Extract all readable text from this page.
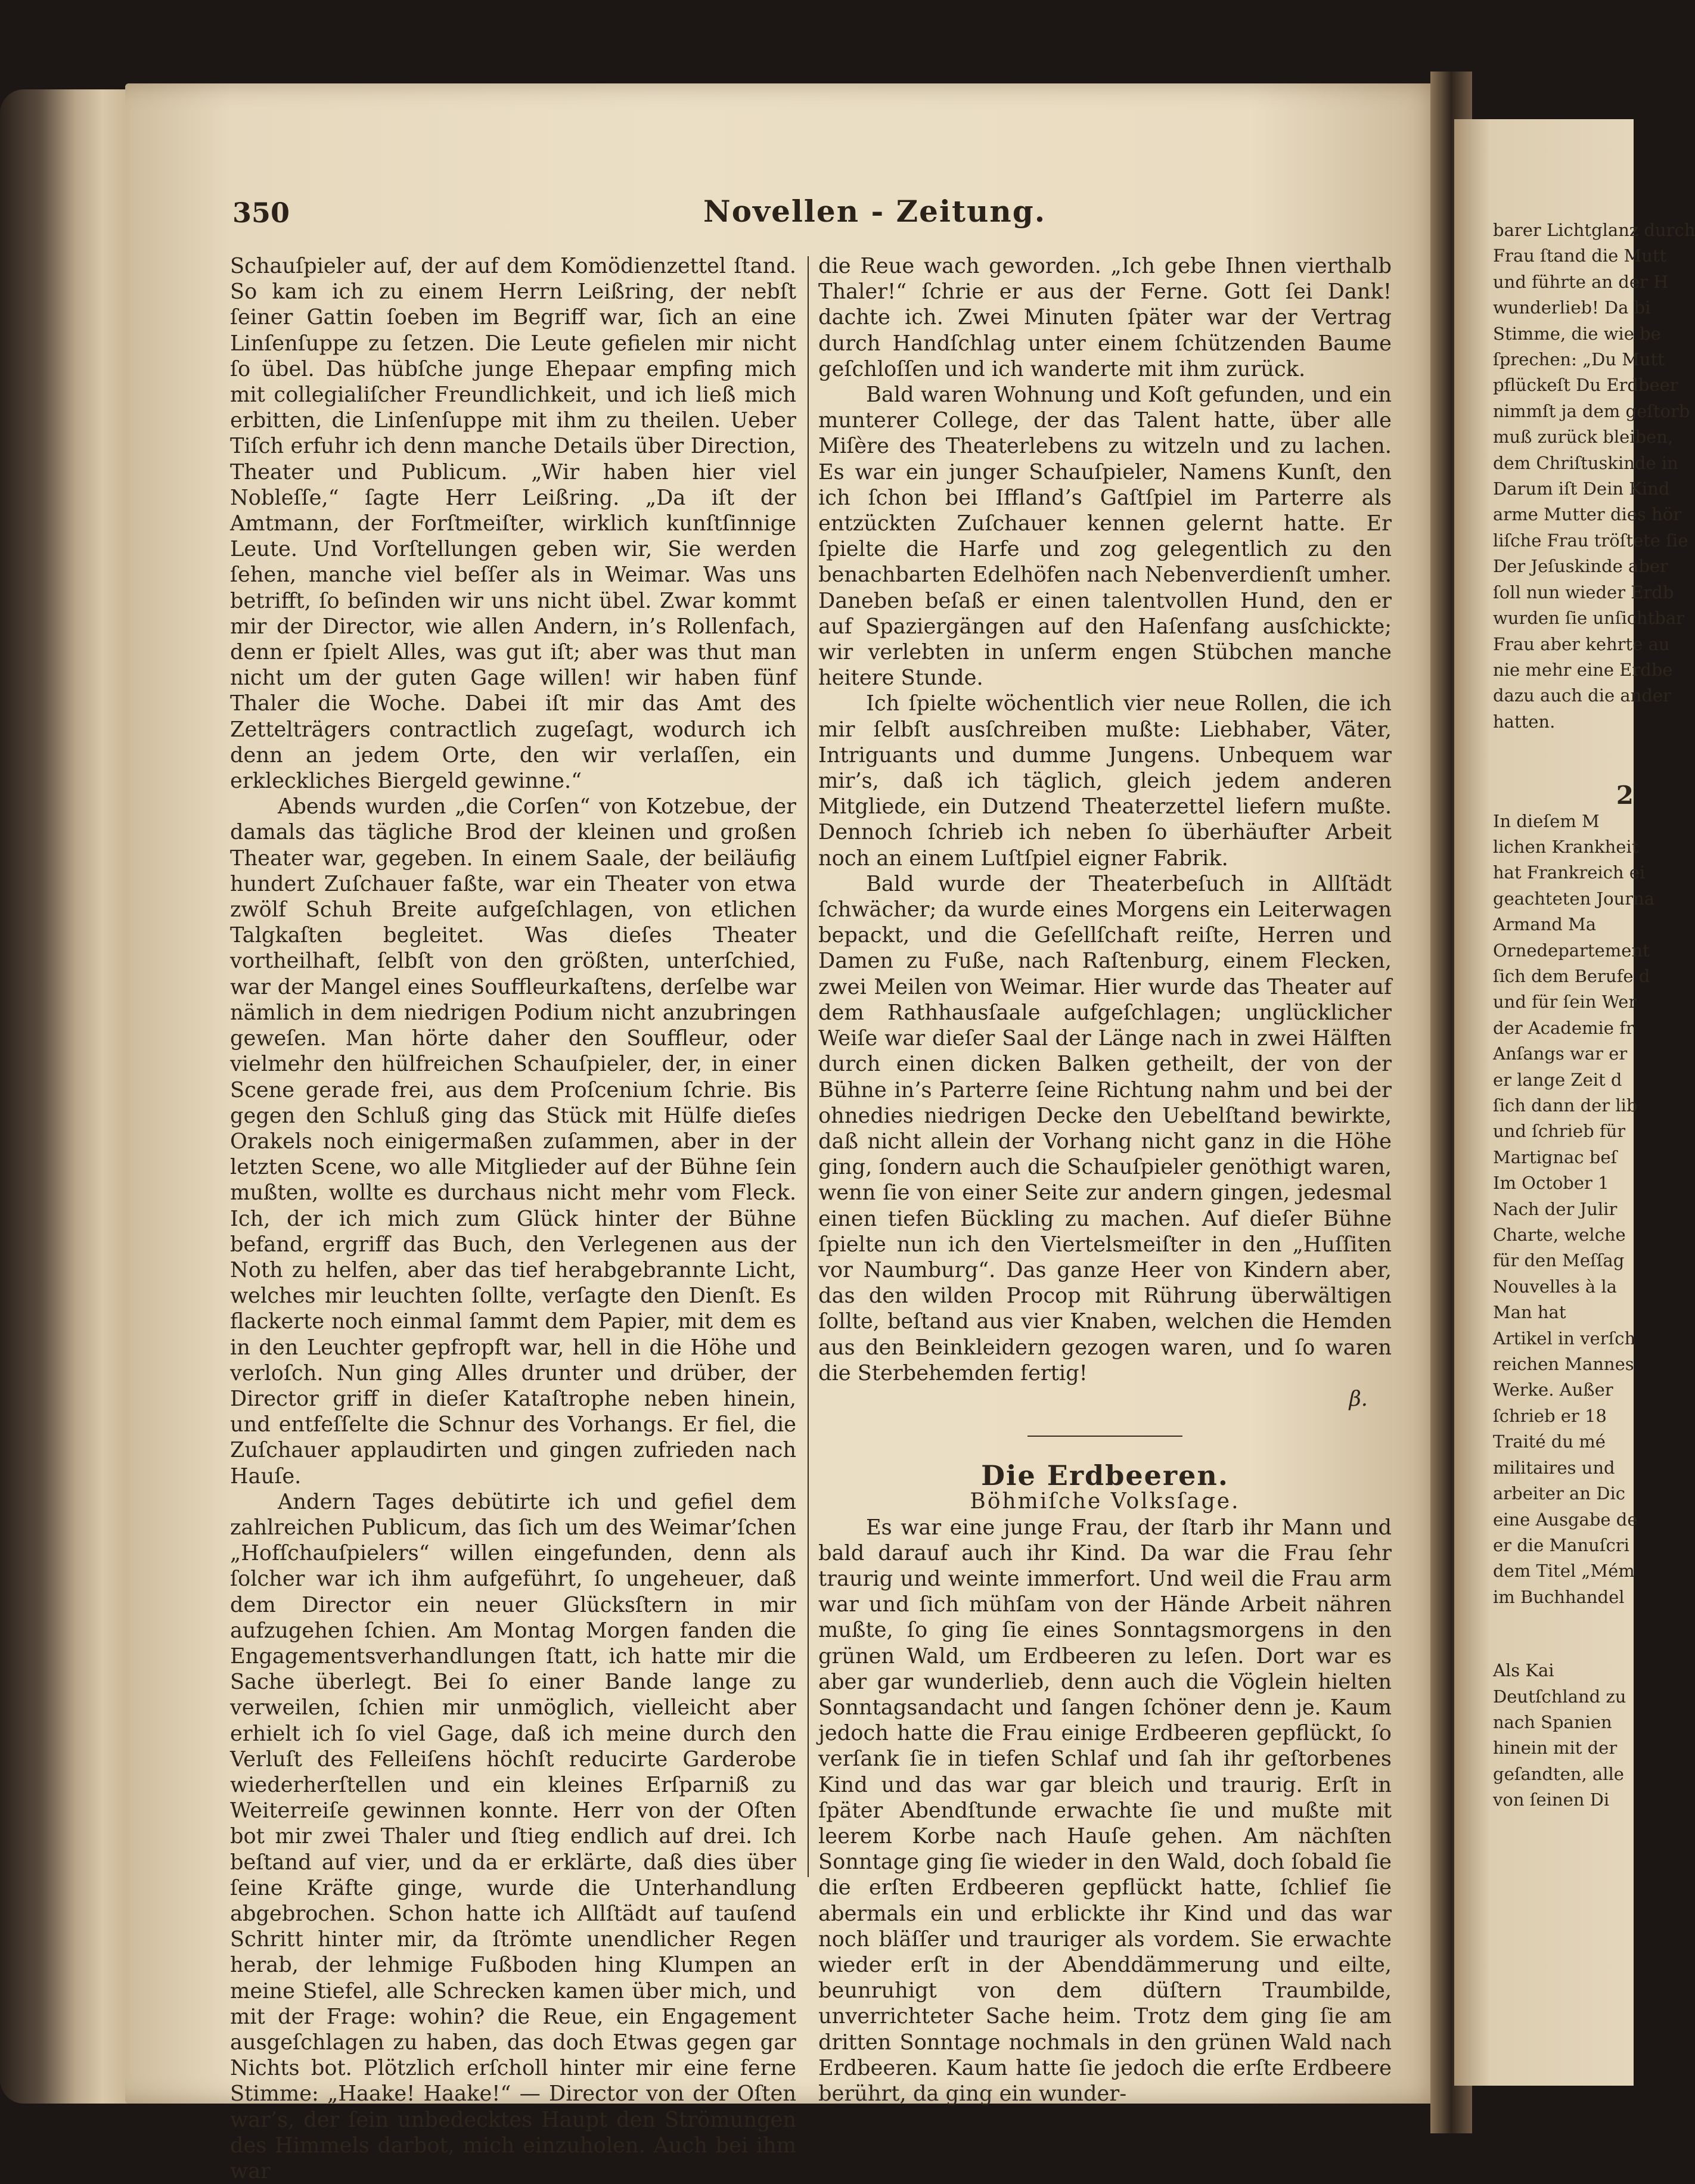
350	Novellen - Zeitung.

Schauſpieler auf, der auf dem Komödienzettel ſtand. So kam ich zu einem Herrn Leißring, der nebſt ſeiner Gattin ſoeben im Begriff war, ſich an eine Linſenſuppe zu ſetzen. Die Leute gefielen mir nicht ſo übel. Das hübſche junge Ehepaar empfing mich mit collegialiſcher Freundlichkeit, und ich ließ mich erbitten, die Linſenſuppe mit ihm zu theilen. Ueber Tiſch erfuhr ich denn manche Details über Direction, Theater und Publicum. „Wir haben hier viel Nobleſſe,“ ſagte Herr Leißring. „Da iſt der Amtmann, der Forſtmeiſter, wirklich kunſtſinnige Leute. Und Vorſtellungen geben wir, Sie werden ſehen, manche viel beſſer als in Weimar. Was uns betrifft, ſo beſinden wir uns nicht übel. Zwar kommt mir der Director, wie allen Andern, in’s Rollenfach, denn er ſpielt Alles, was gut iſt; aber was thut man nicht um der guten Gage willen! wir haben fünf Thaler die Woche. Dabei iſt mir das Amt des Zettelträgers contractlich zugeſagt, wodurch ich denn an jedem Orte, den wir verlaſſen, ein erkleckliches Biergeld gewinne.“

Abends wurden „die Corſen“ von Kotzebue, der damals das tägliche Brod der kleinen und großen Theater war, gegeben. In einem Saale, der beiläufig hundert Zuſchauer faßte, war ein Theater von etwa zwölf Schuh Breite aufgeſchlagen, von etlichen Talgkaſten begleitet. Was dieſes Theater vortheilhaft, ſelbſt von den größten, unterſchied, war der Mangel eines Souffleurkaſtens, derſelbe war nämlich in dem niedrigen Podium nicht anzubringen geweſen. Man hörte daher den Souffleur, oder vielmehr den hülfreichen Schauſpieler, der, in einer Scene gerade frei, aus dem Proſcenium ſchrie. Bis gegen den Schluß ging das Stück mit Hülfe dieſes Orakels noch einigermaßen zuſammen, aber in der letzten Scene, wo alle Mitglieder auf der Bühne ſein mußten, wollte es durchaus nicht mehr vom Fleck. Ich, der ich mich zum Glück hinter der Bühne befand, ergriff das Buch, den Verlegenen aus der Noth zu helfen, aber das tief herabgebrannte Licht, welches mir leuchten ſollte, verſagte den Dienſt. Es flackerte noch einmal ſammt dem Papier, mit dem es in den Leuchter gepfropft war, hell in die Höhe und verloſch. Nun ging Alles drunter und drüber, der Director griff in dieſer Kataſtrophe neben hinein, und entfeſſelte die Schnur des Vorhangs. Er fiel, die Zuſchauer applaudirten und gingen zufrieden nach Hauſe.

Andern Tages debütirte ich und gefiel dem zahlreichen Publicum, das ſich um des Weimar’ſchen „Hofſchauſpielers“ willen eingefunden, denn als ſolcher war ich ihm aufgeführt, ſo ungeheuer, daß dem Director ein neuer Glücksſtern in mir aufzugehen ſchien. Am Montag Morgen fanden die Engagementsverhandlungen ſtatt, ich hatte mir die Sache überlegt. Bei ſo einer Bande lange zu verweilen, ſchien mir unmöglich, vielleicht aber erhielt ich ſo viel Gage, daß ich meine durch den Verluſt des Felleiſens höchſt reducirte Garderobe wiederherſtellen und ein kleines Erſparniß zu Weiterreiſe gewinnen konnte. Herr von der Oſten bot mir zwei Thaler und ſtieg endlich auf drei. Ich beſtand auf vier, und da er erklärte, daß dies über ſeine Kräfte ginge, wurde die Unterhandlung abgebrochen. Schon hatte ich Allſtädt auf tauſend Schritt hinter mir, da ſtrömte unendlicher Regen herab, der lehmige Fußboden hing Klumpen an meine Stiefel, alle Schrecken kamen über mich, und mit der Frage: wohin? die Reue, ein Engagement ausgeſchlagen zu haben, das doch Etwas gegen gar Nichts bot. Plötzlich erſcholl hinter mir eine ferne Stimme: „Haake! Haake!“ — Director von der Oſten war’s, der ſein unbedecktes Haupt den Strömungen des Himmels darbot, mich einzuholen. Auch bei ihm war

die Reue wach geworden. „Ich gebe Ihnen vierthalb Thaler!“ ſchrie er aus der Ferne. Gott ſei Dank! dachte ich. Zwei Minuten ſpäter war der Vertrag durch Handſchlag unter einem ſchützenden Baume geſchloſſen und ich wanderte mit ihm zurück.

Bald waren Wohnung und Koſt gefunden, und ein munterer College, der das Talent hatte, über alle Miſère des Theaterlebens zu witzeln und zu lachen. Es war ein junger Schauſpieler, Namens Kunſt, den ich ſchon bei Iffland’s Gaſtſpiel im Parterre als entzückten Zuſchauer kennen gelernt hatte. Er ſpielte die Harfe und zog gelegentlich zu den benachbarten Edelhöfen nach Nebenverdienſt umher. Daneben beſaß er einen talentvollen Hund, den er auf Spaziergängen auf den Haſenfang ausſchickte; wir verlebten in unſerm engen Stübchen manche heitere Stunde.

Ich ſpielte wöchentlich vier neue Rollen, die ich mir ſelbſt ausſchreiben mußte: Liebhaber, Väter, Intriguants und dumme Jungens. Unbequem war mir’s, daß ich täglich, gleich jedem anderen Mitgliede, ein Dutzend Theaterzettel liefern mußte. Dennoch ſchrieb ich neben ſo überhäufter Arbeit noch an einem Luſtſpiel eigner Fabrik.

Bald wurde der Theaterbeſuch in Allſtädt ſchwächer; da wurde eines Morgens ein Leiterwagen bepackt, und die Geſellſchaft reiſte, Herren und Damen zu Fuße, nach Raſtenburg, einem Flecken, zwei Meilen von Weimar. Hier wurde das Theater auf dem Rathhausſaale aufgeſchlagen; unglücklicher Weiſe war dieſer Saal der Länge nach in zwei Hälften durch einen dicken Balken getheilt, der von der Bühne in’s Parterre ſeine Richtung nahm und bei der ohnedies niedrigen Decke den Uebelſtand bewirkte, daß nicht allein der Vorhang nicht ganz in die Höhe ging, ſondern auch die Schauſpieler genöthigt waren, wenn ſie von einer Seite zur andern gingen, jedesmal einen tiefen Bückling zu machen. Auf dieſer Bühne ſpielte nun ich den Viertelsmeiſter in den „Huſſiten vor Naumburg“. Das ganze Heer von Kindern aber, das den wilden Procop mit Rührung überwältigen ſollte, beſtand aus vier Knaben, welchen die Hemden aus den Beinkleidern gezogen waren, und ſo waren die Sterbehemden fertig!

β.

Die Erdbeeren.

Böhmiſche Volksſage.

Es war eine junge Frau, der ſtarb ihr Mann und bald darauf auch ihr Kind. Da war die Frau ſehr traurig und weinte immerfort. Und weil die Frau arm war und ſich mühſam von der Hände Arbeit nähren mußte, ſo ging ſie eines Sonntagsmorgens in den grünen Wald, um Erdbeeren zu leſen. Dort war es aber gar wunderlieb, denn auch die Vöglein hielten Sonntagsandacht und ſangen ſchöner denn je. Kaum jedoch hatte die Frau einige Erdbeeren gepflückt, ſo verſank ſie in tiefen Schlaf und ſah ihr geſtorbenes Kind und das war gar bleich und traurig. Erſt in ſpäter Abendſtunde erwachte ſie und mußte mit leerem Korbe nach Hauſe gehen. Am nächſten Sonntage ging ſie wieder in den Wald, doch ſobald ſie die erſten Erdbeeren gepflückt hatte, ſchlief ſie abermals ein und erblickte ihr Kind und das war noch bläſſer und trauriger als vordem. Sie erwachte wieder erſt in der Abenddämmerung und eilte, beunruhigt von dem düſtern Traumbilde, unverrichteter Sache heim. Trotz dem ging ſie am dritten Sonntage nochmals in den grünen Wald nach Erdbeeren. Kaum hatte ſie jedoch die erſte Erdbeere berührt, da ging ein wunder-

barer Lichtglanz durch
Frau ſtand die Mutt
und führte an der H
wunderlieb! Da bi
Stimme, die wie be
ſprechen: „Du Mutt
pflückeſt Du Erdbeer
nimmſt ja dem geſtorb
muß zurück bleiben,
dem Chriſtuskinde in
Darum iſt Dein Kind
arme Mutter dies hör
liſche Frau tröſtete ſie
Der Jeſuskinde aber
ſoll nun wieder Erdb
wurden ſie unſichtbar
Frau aber kehrte au
nie mehr eine Erdbe
dazu auch die ander
hatten.
2
In dieſem M
lichen Krankheit
hat Frankreich ei
geachteten Journa
Armand Ma
Ornedepartement
ſich dem Berufe d
und für ſein Wer
der Academie fr
Anſangs war er
er lange Zeit d
ſich dann der lib
und ſchrieb für
Martignac beſ
Im October 1
Nach der Julir
Charte, welche
für den Meſſag
Nouvelles à la
Man hat
Artikel in verſch
reichen Mannes
Werke. Außer
ſchrieb er 18
Traité du mé
militaires und
arbeiter an Dic
eine Ausgabe de
er die Manuſcri
dem Titel „Mém
im Buchhandel
Als Kai
Deutſchland zu
nach Spanien
hinein mit der
geſandten, alle
von ſeinen Di
